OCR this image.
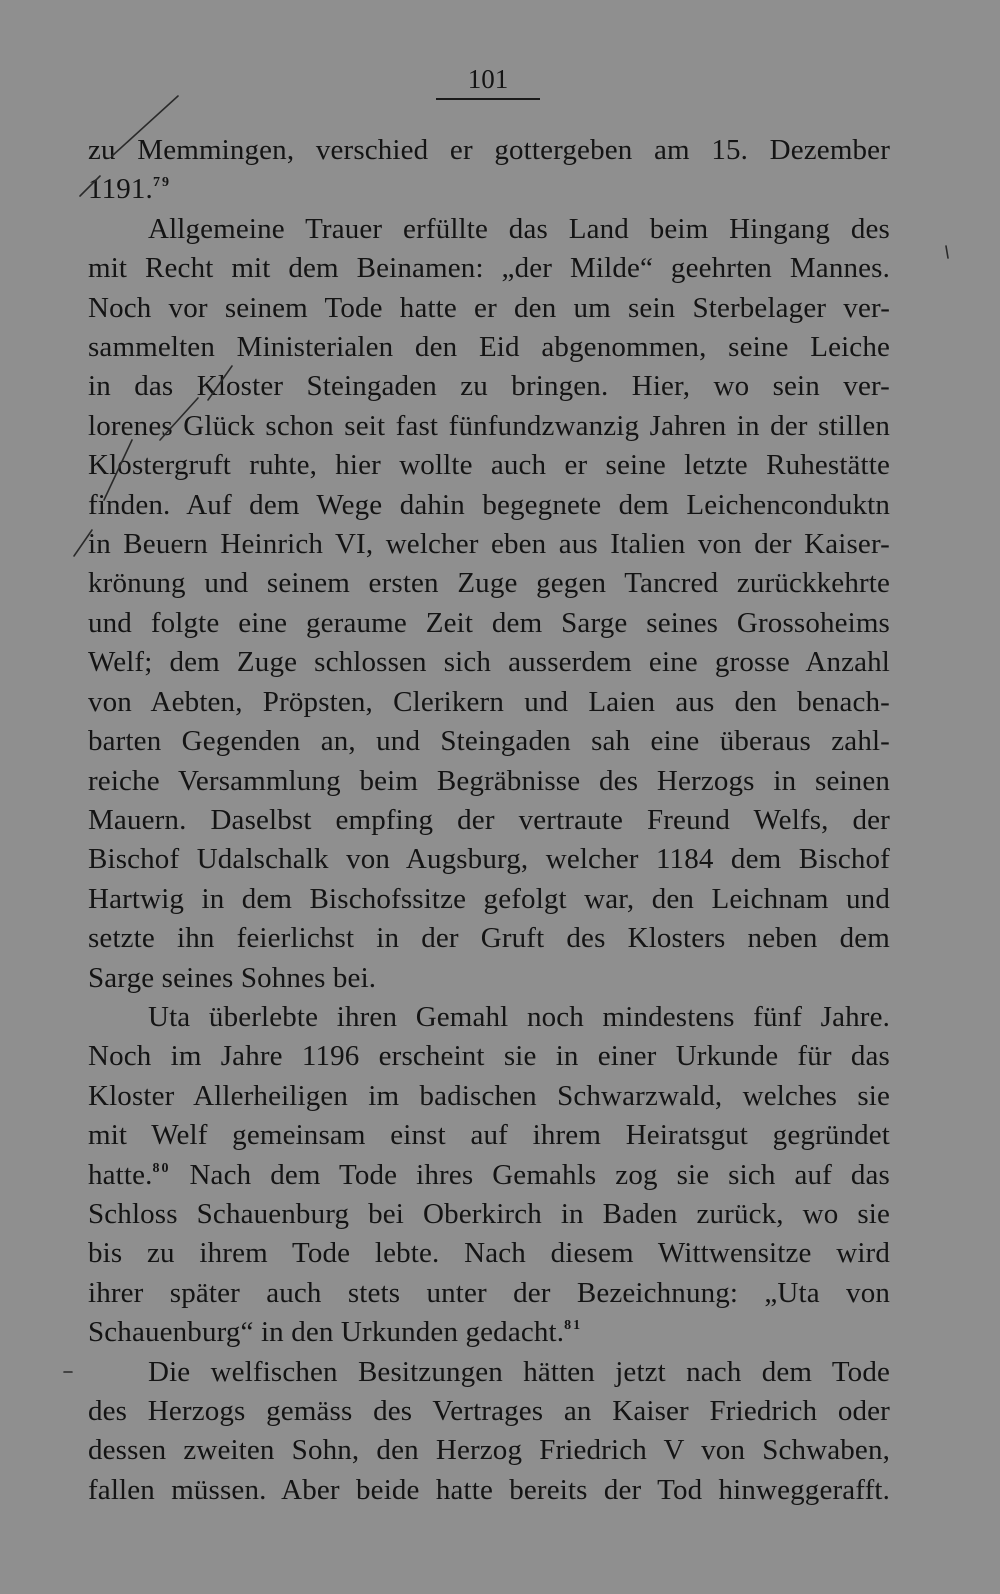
101
zu Memmingen, verschied er gottergeben am 15. Dezember
1191.79
Allgemeine Trauer erfüllte das Land beim Hingang des
mit Recht mit dem Beinamen: „der Milde“ geehrten Mannes.
Noch vor seinem Tode hatte er den um sein Sterbelager ver-
sammelten Ministerialen den Eid abgenommen, seine Leiche
in das Kloster Steingaden zu bringen. Hier, wo sein ver-
lorenes Glück schon seit fast fünfundzwanzig Jahren in der stillen
Klostergruft ruhte, hier wollte auch er seine letzte Ruhestätte
finden. Auf dem Wege dahin begegnete dem Leichenconduktn
in Beuern Heinrich VI, welcher eben aus Italien von der Kaiser-
krönung und seinem ersten Zuge gegen Tancred zurückkehrte
und folgte eine geraume Zeit dem Sarge seines Grossoheims
Welf; dem Zuge schlossen sich ausserdem eine grosse Anzahl
von Aebten, Pröpsten, Clerikern und Laien aus den benach-
barten Gegenden an, und Steingaden sah eine überaus zahl-
reiche Versammlung beim Begräbnisse des Herzogs in seinen
Mauern. Daselbst empfing der vertraute Freund Welfs, der
Bischof Udalschalk von Augsburg, welcher 1184 dem Bischof
Hartwig in dem Bischofssitze gefolgt war, den Leichnam und
setzte ihn feierlichst in der Gruft des Klosters neben dem
Sarge seines Sohnes bei.
Uta überlebte ihren Gemahl noch mindestens fünf Jahre.
Noch im Jahre 1196 erscheint sie in einer Urkunde für das
Kloster Allerheiligen im badischen Schwarzwald, welches sie
mit Welf gemeinsam einst auf ihrem Heiratsgut gegründet
hatte.$^{80}$ Nach dem Tode ihres Gemahls zog sie sich auf das
Schloss Schauenburg bei Oberkirch in Baden zurück, wo sie
bis zu ihrem Tode lebte. Nach diesem Wittwensitze wird
ihrer später auch stets unter der Bezeichnung: „Uta von
Schauenburg“ in den Urkunden gedacht.$^{81}$
Die welfischen Besitzungen hätten jetzt nach dem Tode
des Herzogs gemäss des Vertrages an Kaiser Friedrich oder
dessen zweiten Sohn, den Herzog Friedrich V von Schwaben,
fallen müssen. Aber beide hatte bereits der Tod hinweggerafft.
